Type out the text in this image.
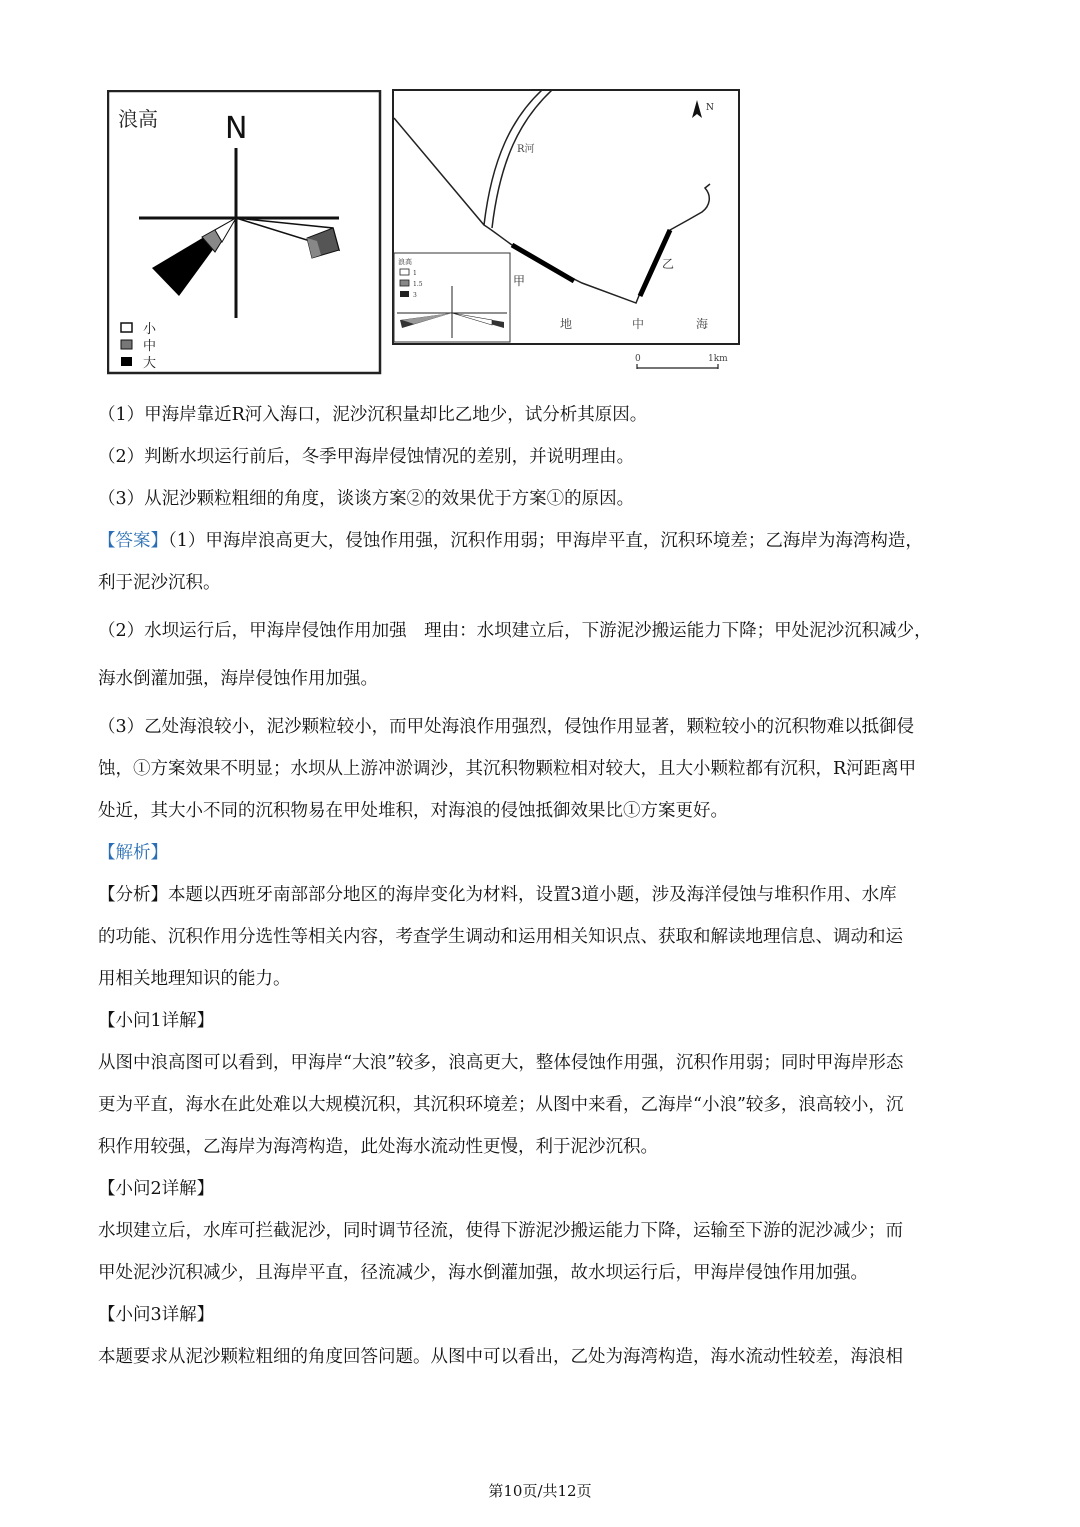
浪高 N
小
中
大
N
R河
甲
乙
地	中	海
浪高
1
1.5
3
0	1km
（1）甲海岸靠近R河入海口，泥沙沉积量却比乙地少，试分析其原因。
（2）判断水坝运行前后，冬季甲海岸侵蚀情况的差别，并说明理由。
（3）从泥沙颗粒粗细的角度，谈谈方案②的效果优于方案①的原因。
【答案】（1）甲海岸浪高更大，侵蚀作用强，沉积作用弱；甲海岸平直，沉积环境差；乙海岸为海湾构造，
利于泥沙沉积。
（2）水坝运行后，甲海岸侵蚀作用加强　理由：水坝建立后，下游泥沙搬运能力下降；甲处泥沙沉积减少，
海水倒灌加强，海岸侵蚀作用加强。
（3）乙处海浪较小，泥沙颗粒较小，而甲处海浪作用强烈，侵蚀作用显著，颗粒较小的沉积物难以抵御侵
蚀，①方案效果不明显；水坝从上游冲淤调沙，其沉积物颗粒相对较大，且大小颗粒都有沉积，R河距离甲
处近，其大小不同的沉积物易在甲处堆积，对海浪的侵蚀抵御效果比①方案更好。
【解析】
【分析】本题以西班牙南部部分地区的海岸变化为材料，设置3道小题，涉及海洋侵蚀与堆积作用、水库
的功能、沉积作用分选性等相关内容，考查学生调动和运用相关知识点、获取和解读地理信息、调动和运
用相关地理知识的能力。
【小问1详解】
从图中浪高图可以看到，甲海岸“大浪”较多，浪高更大，整体侵蚀作用强，沉积作用弱；同时甲海岸形态
更为平直，海水在此处难以大规模沉积，其沉积环境差；从图中来看，乙海岸“小浪”较多，浪高较小，沉
积作用较强，乙海岸为海湾构造，此处海水流动性更慢，利于泥沙沉积。
【小问2详解】
水坝建立后，水库可拦截泥沙，同时调节径流，使得下游泥沙搬运能力下降，运输至下游的泥沙减少；而
甲处泥沙沉积减少，且海岸平直，径流减少，海水倒灌加强，故水坝运行后，甲海岸侵蚀作用加强。
【小问3详解】
本题要求从泥沙颗粒粗细的角度回答问题。从图中可以看出，乙处为海湾构造，海水流动性较差，海浪相
第10页/共12页
